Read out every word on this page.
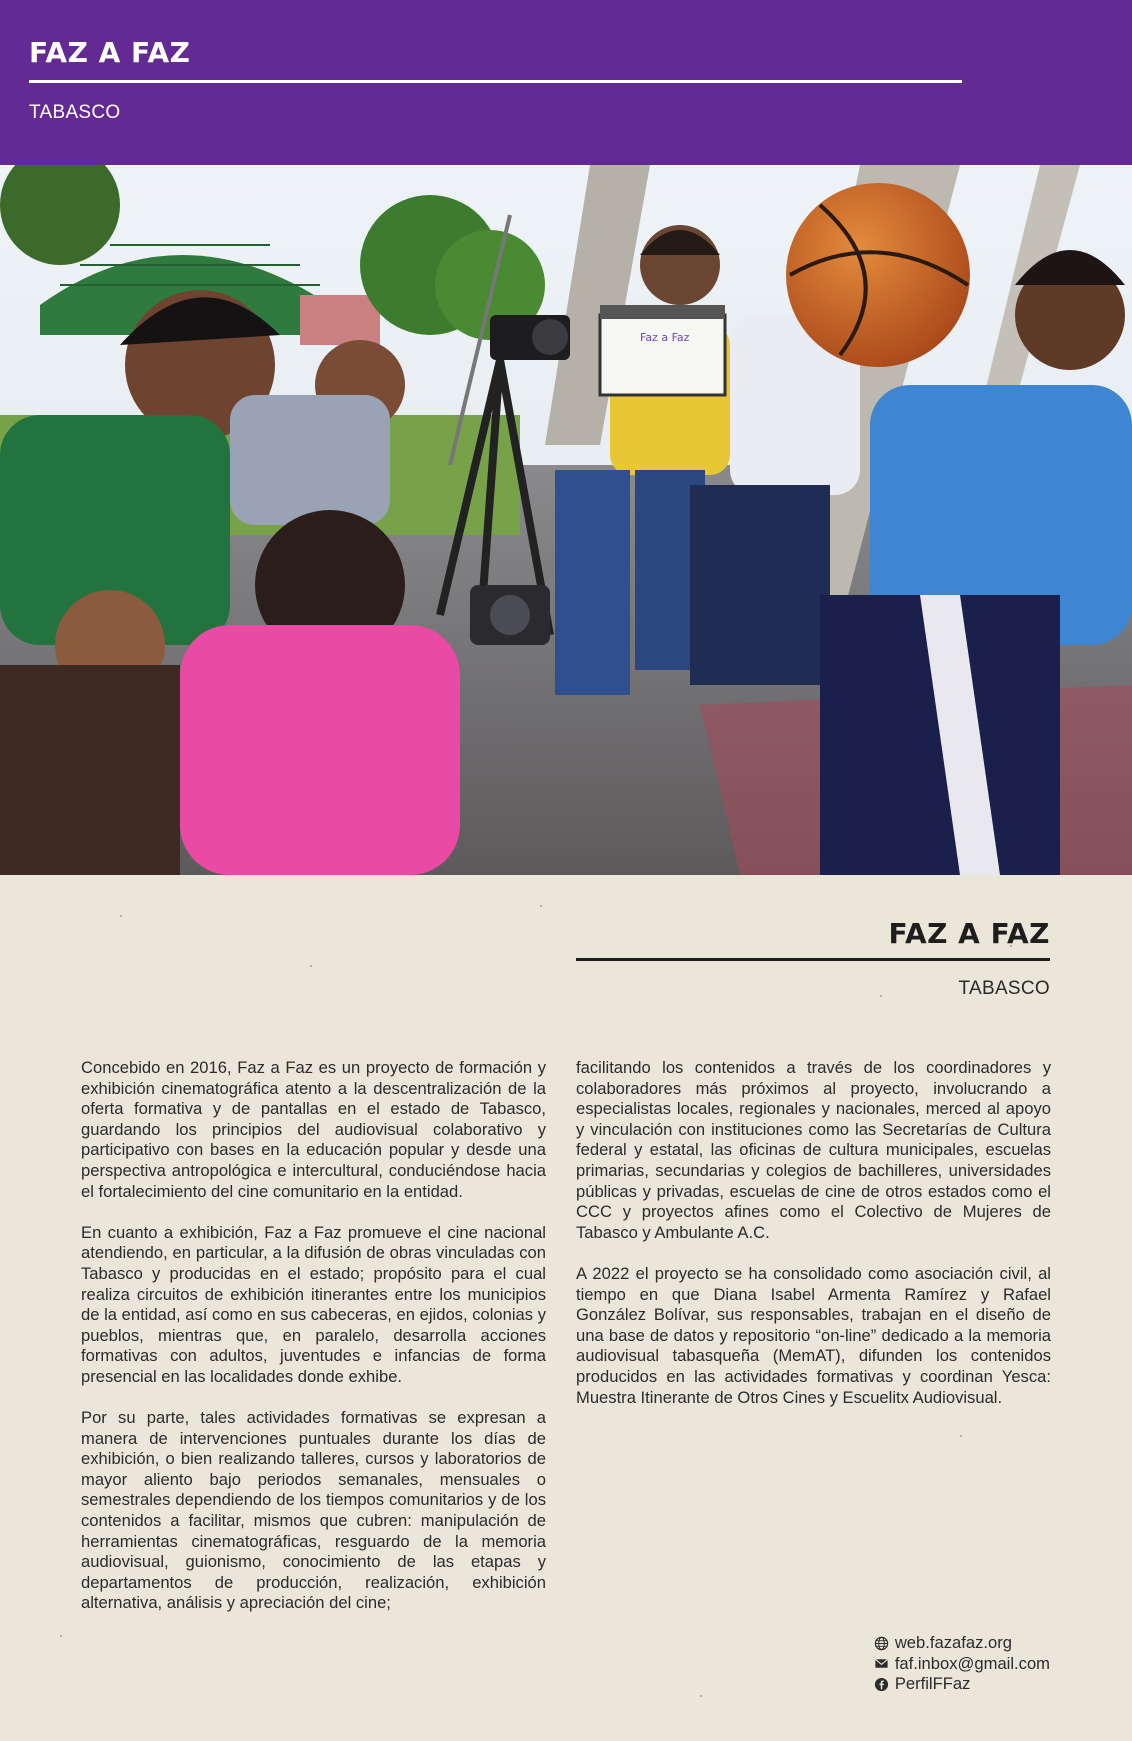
FAZ A FAZ
TABASCO
Faz a Faz
FAZ A FAZ
TABASCO

Concebido en 2016, Faz a Faz es un proyecto de formación y exhibición cinematográfica atento a la descentralización de la oferta formativa y de pantallas en el estado de Tabasco, guardando los principios del audiovisual colaborativo y participativo con bases en la educación popular y desde una perspectiva antropológica e intercultural, conduciéndose hacia el fortalecimiento del cine comunitario en la entidad.

En cuanto a exhibición, Faz a Faz promueve el cine nacional atendiendo, en particular, a la difusión de obras vinculadas con Tabasco y producidas en el estado; propósito para el cual realiza circuitos de exhibición itinerantes entre los municipios de la entidad, así como en sus cabeceras, en ejidos, colonias y pueblos, mientras que, en paralelo, desarrolla acciones formativas con adultos, juventudes e infancias de forma presencial en las localidades donde exhibe.

Por su parte, tales actividades formativas se expresan a manera de intervenciones puntuales durante los días de exhibición, o bien realizando talleres, cursos y laboratorios de mayor aliento bajo periodos semanales, mensuales o semestrales dependiendo de los tiempos comunitarios y de los contenidos a facilitar, mismos que cubren: manipulación de herramientas cinematográficas, resguardo de la memoria audiovisual, guionismo, conocimiento de las etapas y departamentos de producción, realización, exhibición alternativa, análisis y apreciación del cine;

facilitando los contenidos a través de los coordinadores y colaboradores más próximos al proyecto, involucrando a especialistas locales, regionales y nacionales, merced al apoyo y vinculación con instituciones como las Secretarías de Cultura federal y estatal, las oficinas de cultura municipales, escuelas primarias, secundarias y colegios de bachilleres, universidades públicas y privadas, escuelas de cine de otros estados como el CCC y proyectos afines como el Colectivo de Mujeres de Tabasco y Ambulante A.C.

A 2022 el proyecto se ha consolidado como asociación civil, al tiempo en que Diana Isabel Armenta Ramírez y Rafael González Bolívar, sus responsables, trabajan en el diseño de una base de datos y repositorio “on-line” dedicado a la memoria audiovisual tabasqueña (MemAT), difunden los contenidos producidos en las actividades formativas y coordinan Yesca: Muestra Itinerante de Otros Cines y Escuelitx Audiovisual.

web.fazafaz.org
faf.inbox@gmail.com
PerfilFFaz
